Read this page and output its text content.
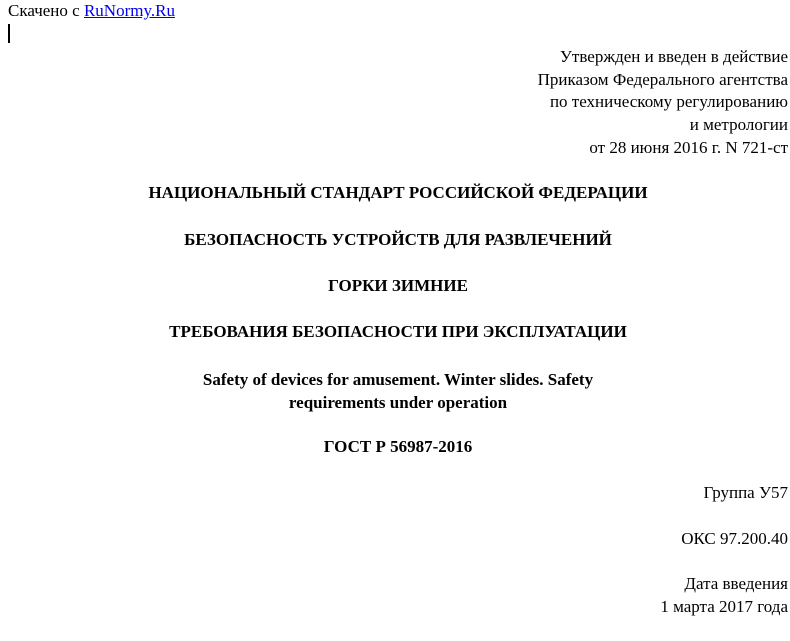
Скачено с RuNormy.Ru
Утвержден и введен в действие
Приказом Федерального агентства
по техническому регулированию
и метрологии
от 28 июня 2016 г. N 721-ст
НАЦИОНАЛЬНЫЙ СТАНДАРТ РОССИЙСКОЙ ФЕДЕРАЦИИ
БЕЗОПАСНОСТЬ УСТРОЙСТВ ДЛЯ РАЗВЛЕЧЕНИЙ
ГОРКИ ЗИМНИЕ
ТРЕБОВАНИЯ БЕЗОПАСНОСТИ ПРИ ЭКСПЛУАТАЦИИ
Safety of devices for amusement. Winter slides. Safety
requirements under operation
ГОСТ Р 56987-2016
Группа У57
ОКС 97.200.40
Дата введения
1 марта 2017 года
